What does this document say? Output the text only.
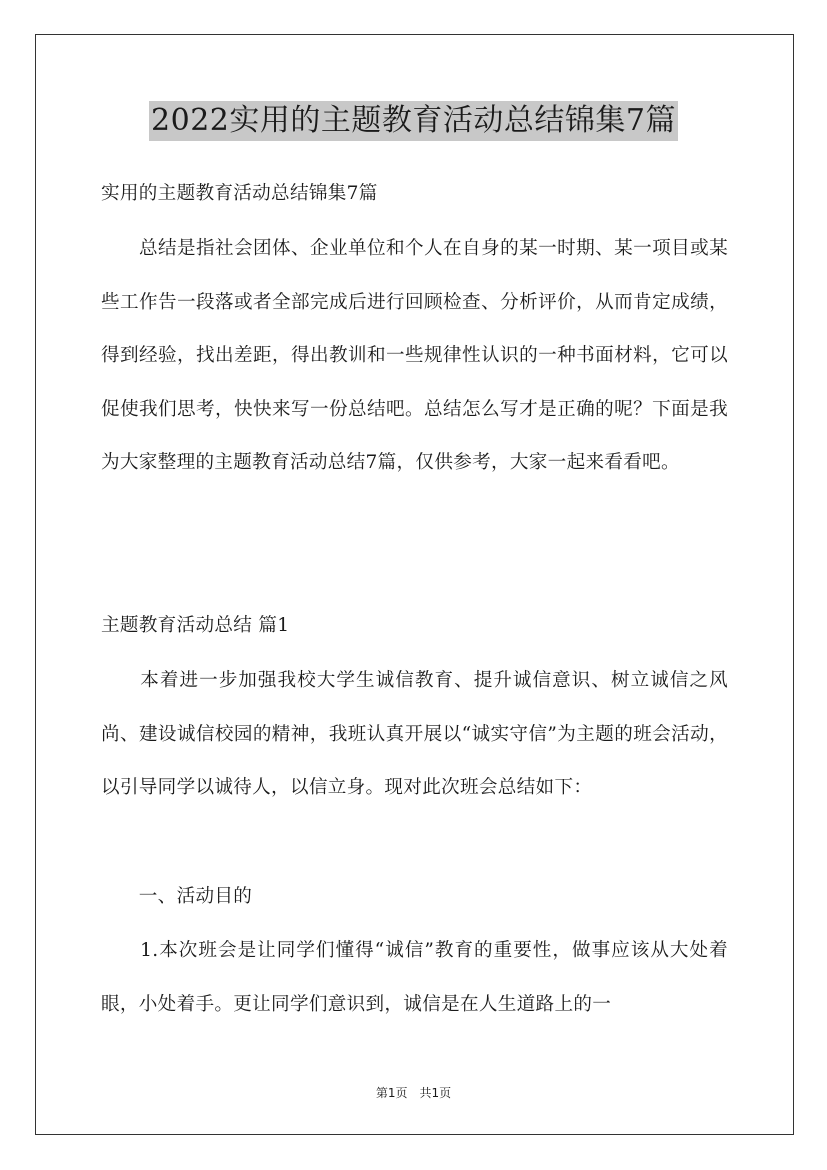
2022实用的主题教育活动总结锦集7篇
实用的主题教育活动总结锦集7篇
　　总结是指社会团体、企业单位和个人在自身的某一时期、某一项目或某些工作告一段落或者全部完成后进行回顾检查、分析评价，从而肯定成绩，得到经验，找出差距，得出教训和一些规律性认识的一种书面材料，它可以促使我们思考，快快来写一份总结吧。总结怎么写才是正确的呢？下面是我为大家整理的主题教育活动总结7篇，仅供参考，大家一起来看看吧。
主题教育活动总结 篇1
　　本着进一步加强我校大学生诚信教育、提升诚信意识、树立诚信之风尚、建设诚信校园的精神，我班认真开展以“诚实守信”为主题的班会活动，以引导同学以诚待人，以信立身。现对此次班会总结如下：
　　一、活动目的
　　1.本次班会是让同学们懂得“诚信”教育的重要性，做事应该从大处着眼，小处着手。更让同学们意识到，诚信是在人生道路上的一
第1页　共1页
